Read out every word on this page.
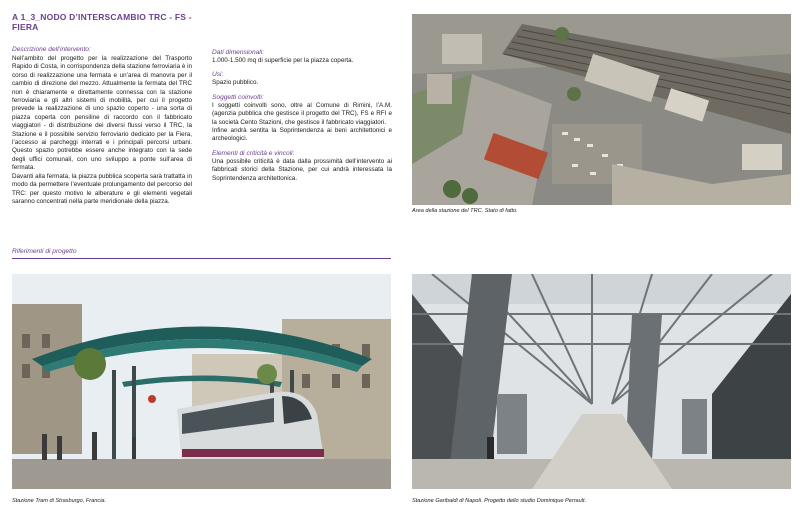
A 1_3_NODO D’INTERSCAMBIO TRC - FS - FIERA
Descrizione dell’intervento:
Nell’ambito del progetto per la realizzazione del Trasporto Rapido di Costa, in corrispondenza della stazione ferroviaria è in corso di realizzazione una fermata e un’area di manovra per il cambio di direzione del mezzo. Attualmente la fermata del TRC non è chiaramente e direttamente connessa con la stazione ferroviaria e gli altri sistemi di mobilità, per cui il progetto prevede la realizzazione di uno spazio coperto - una sorta di piazza coperta con pensiline di raccordo con il fabbricato viaggiatori - di distribuzione dei diversi flussi verso il TRC, la Stazione e il possibile servizio ferroviario dedicato per la Fiera, l’accesso ai parcheggi interrati e i principali percorsi urbani. Questo spazio potrebbe essere anche integrato con la sede degli uffici comunali, con uno sviluppo a ponte sull’area di fermata.
Davanti alla fermata, la piazza pubblica scoperta sarà trattatta in modo da permettere l’eventuale prolungamento del percorso del TRC: per questo motivo le alberature e gli elementi vegetali saranno concentrati nella parte meridionale della piazza.
Dati dimensionali:
1.000-1.500 mq di superficie per la piazza coperta.
Usi:
Spazio pubblico.
Soggetti coinvolti:
I soggetti coinvolti sono, oltre al Comune di Rimini, l’A.M. (agenzia pubblica che gestisce il progetto del TRC), FS e RFI e la società Cento Stazioni, che gestisce il fabbricato viaggiatori.
Infine andrà sentita la Soprintendenza ai beni architettonici e archeologici.
Elementi di criticità e vincoli:
Una possibile criticità è data dalla prossimità dell’intervento ai fabbricati storici della Stazione, per cui andrà interessata la Soprintendenza architettonica.
Riferimenti di progetto
Area della stazione del TRC. Stato di fatto.
Stazione Tram di Strasburgo, Francia.	Stazione Garibaldi di Napoli. Progetto dello studio Dominique Perrault.
